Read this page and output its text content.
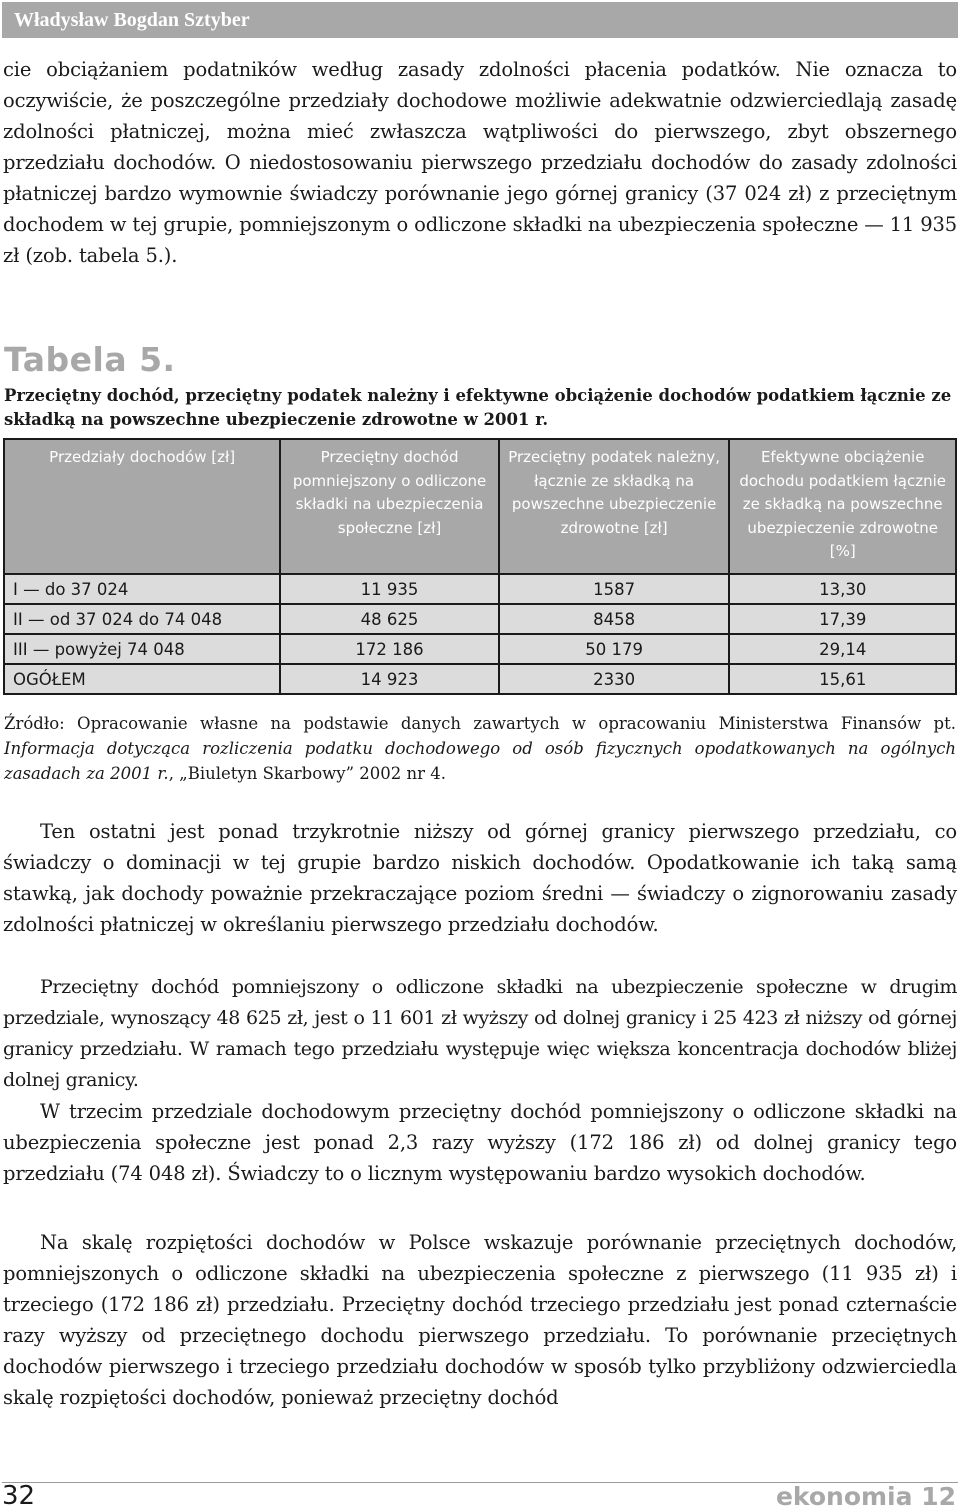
Władysław Bogdan Sztyber

cie obciążaniem podatników według zasady zdolności płacenia podatków. Nie oznacza to oczywiście, że poszczególne przedziały dochodowe możliwie adekwatnie odzwierciedlają zasadę zdolności płatniczej, można mieć zwłaszcza wątpliwości do pierwszego, zbyt obszernego przedziału dochodów. O niedostosowaniu pierwszego przedziału dochodów do zasady zdolności płatniczej bardzo wymownie świadczy porównanie jego górnej granicy (37 024 zł) z przeciętnym dochodem w tej grupie, pomniejszonym o odliczone składki na ubezpieczenia społeczne — 11 935 zł (zob. tabela 5.).

Tabela 5.

Przeciętny dochód, przeciętny podatek należny i efektywne obciążenie dochodów podatkiem łącznie ze składką na powszechne ubezpieczenie zdrowotne w 2001 r.

Przedziały dochodów [zł]	Przeciętny dochód pomniejszony o odliczone składki na ubezpieczenia społeczne [zł]	Przeciętny podatek należny, łącznie ze składką na powszechne ubezpieczenie zdrowotne [zł]	Efektywne obciążenie dochodu podatkiem łącznie ze składką na powszechne ubezpieczenie zdrowotne [%]
I — do 37 024	11 935	1587	13,30
II — od 37 024 do 74 048	48 625	8458	17,39
III — powyżej 74 048	172 186	50 179	29,14
OGÓŁEM	14 923	2330	15,61

Źródło: Opracowanie własne na podstawie danych zawartych w opracowaniu Ministerstwa Finansów pt. Informacja dotycząca rozliczenia podatku dochodowego od osób fizycznych opodatkowanych na ogólnych zasadach za 2001 r., „Biuletyn Skarbowy” 2002 nr 4.

Ten ostatni jest ponad trzykrotnie niższy od górnej granicy pierwszego przedziału, co świadczy o dominacji w tej grupie bardzo niskich dochodów. Opodatkowanie ich taką samą stawką, jak dochody poważnie przekraczające poziom średni — świadczy o zignorowaniu zasady zdolności płatniczej w określaniu pierwszego przedziału dochodów.

Przeciętny dochód pomniejszony o odliczone składki na ubezpieczenie społeczne w drugim przedziale, wynoszący 48 625 zł, jest o 11 601 zł wyższy od dolnej granicy i 25 423 zł niższy od górnej granicy przedziału. W ramach tego przedziału występuje więc większa koncentracja dochodów bliżej dolnej granicy.

W trzecim przedziale dochodowym przeciętny dochód pomniejszony o odliczone składki na ubezpieczenia społeczne jest ponad 2,3 razy wyższy (172 186 zł) od dolnej granicy tego przedziału (74 048 zł). Świadczy to o licznym występowaniu bardzo wysokich dochodów.

Na skalę rozpiętości dochodów w Polsce wskazuje porównanie przeciętnych dochodów, pomniejszonych o odliczone składki na ubezpieczenia społeczne z pierwszego (11 935 zł) i trzeciego (172 186 zł) przedziału. Przeciętny dochód trzeciego przedziału jest ponad czternaście razy wyższy od przeciętnego dochodu pierwszego przedziału. To porównanie przeciętnych dochodów pierwszego i trzeciego przedziału dochodów w sposób tylko przybliżony odzwierciedla skalę rozpiętości dochodów, ponieważ przeciętny dochód

32	ekonomia 12
